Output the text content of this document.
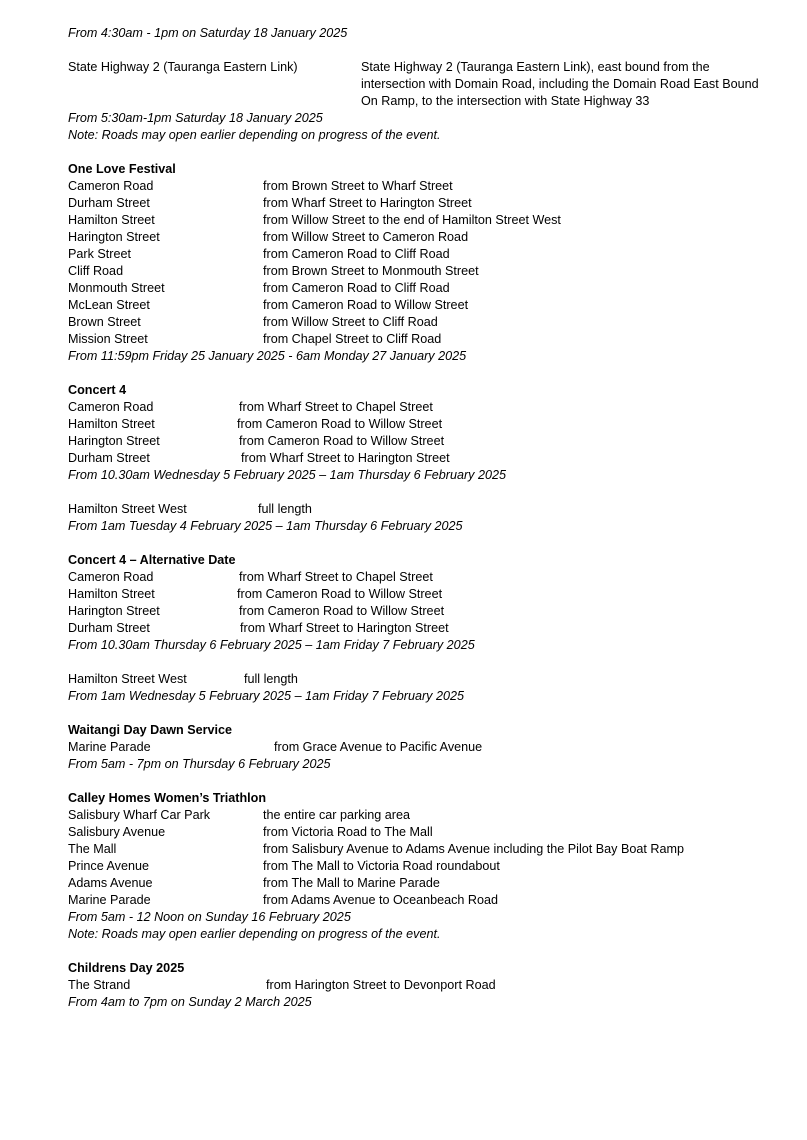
From 4:30am - 1pm on Saturday 18 January 2025
State Highway 2 (Tauranga Eastern Link)	State Highway 2 (Tauranga Eastern Link), east bound from the intersection with Domain Road, including the Domain Road East Bound On Ramp, to the intersection with State Highway 33
From 5:30am-1pm Saturday 18 January 2025
Note: Roads may open earlier depending on progress of the event.
One Love Festival
Cameron Road	from Brown Street to Wharf Street
Durham Street	from Wharf Street to Harington Street
Hamilton Street	from Willow Street to the end of Hamilton Street West
Harington Street	from Willow Street to Cameron Road
Park Street	from Cameron Road to Cliff Road
Cliff Road	from Brown Street to Monmouth Street
Monmouth Street	from Cameron Road to Cliff Road
McLean Street	from Cameron Road to Willow Street
Brown Street	from Willow Street to Cliff Road
Mission Street	from Chapel Street to Cliff Road
From 11:59pm Friday 25 January 2025 - 6am Monday 27 January 2025
Concert 4
Cameron Road	from Wharf Street to Chapel Street
Hamilton Street	from Cameron Road to Willow Street
Harington Street	from Cameron Road to Willow Street
Durham Street	from Wharf Street to Harington Street
From 10.30am Wednesday 5 February 2025 – 1am Thursday 6 February 2025
Hamilton Street West	full length
From 1am Tuesday 4 February 2025 – 1am Thursday 6 February 2025
Concert 4 – Alternative Date
Cameron Road	from Wharf Street to Chapel Street
Hamilton Street	from Cameron Road to Willow Street
Harington Street	from Cameron Road to Willow Street
Durham Street	from Wharf Street to Harington Street
From 10.30am Thursday 6 February 2025 – 1am Friday 7 February 2025
Hamilton Street West	full length
From 1am Wednesday 5 February 2025 – 1am Friday 7 February 2025
Waitangi Day Dawn Service
Marine Parade	from Grace Avenue to Pacific Avenue
From 5am - 7pm on Thursday 6 February 2025
Calley Homes Women’s Triathlon
Salisbury Wharf Car Park	the entire car parking area
Salisbury Avenue	from Victoria Road to The Mall
The Mall	from Salisbury Avenue to Adams Avenue including the Pilot Bay Boat Ramp
Prince Avenue	from The Mall to Victoria Road roundabout
Adams Avenue	from The Mall to Marine Parade
Marine Parade	from Adams Avenue to Oceanbeach Road
From 5am - 12 Noon on Sunday 16 February 2025
Note: Roads may open earlier depending on progress of the event.
Childrens Day 2025
The Strand	from Harington Street to Devonport Road
From 4am to 7pm on Sunday 2 March 2025
